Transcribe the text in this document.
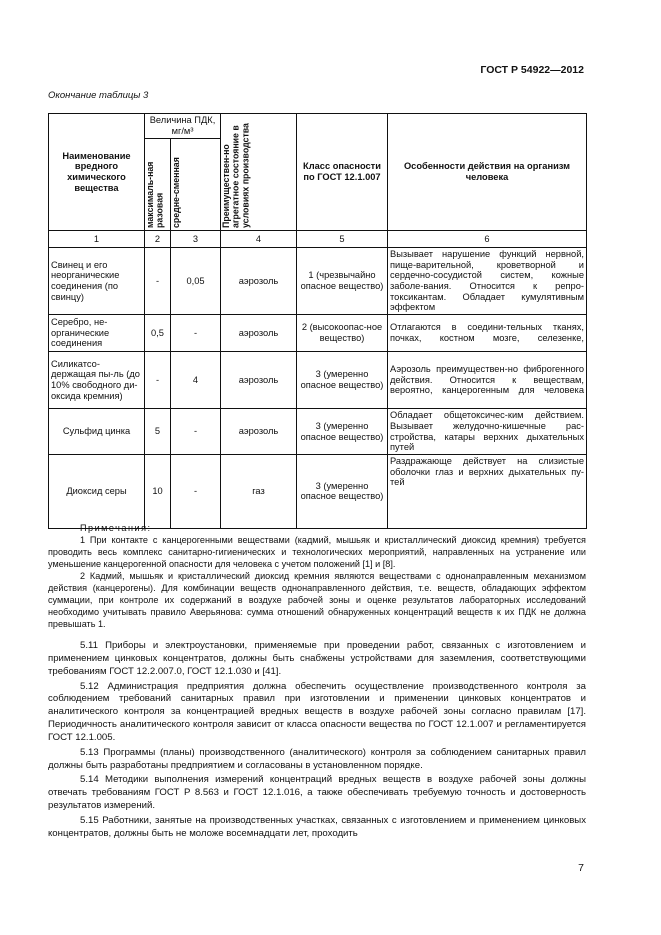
ГОСТ Р 54922—2012
Окончание таблицы 3
Наименование вредного химического вещества	Величина ПДК, мг/м³		Преимуществен-но агрегатное состояние в условиях производства	Класс опасности по ГОСТ 12.1.007	Особенности действия на организм человека

	максималь-ная разовая	средне-сменная			

1	2	3	4	5	6
Свинец и его неорганические соединения (по свинцу)	-	0,05	аэрозоль	1 (чрезвычайно опасное вещество)	Вызывает нарушение функций нервной, пище-варительной, кроветворной и сердечно-сосудистой систем, кожные заболе-вания. Относится к репро-токсикантам. Обладает кумулятивным эффектом
Серебро, не-органические соединения	0,5	-	аэрозоль	2 (высокоопас-ное вещество)	Отлагаются в соедини-тельных тканях, почках, костном мозге, селезенке,
Силикатсо-держащая пы-ль (до 10% свободного ди-оксида кремния)	-	4	аэрозоль	3 (умеренно опасное вещество)	Аэрозоль преимуществен-но фиброгенного действия. Относится к веществам, вероятно, канцерогенным для человека
Сульфид цинка	5	-	аэрозоль	3 (умеренно опасное вещество)	Обладает общетоксичес-ким действием. Вызывает желудочно-кишечные рас-стройства, катары верхних дыхательных путей
Диоксид серы	10	-	газ	3 (умеренно опасное вещество)	Раздражающе действует на слизистые оболочки глаз и верхних дыхательных пу-тей
Примечания:

1 При контакте с канцерогенными веществами (кадмий, мышьяк и кристаллический диоксид кремния) требуется проводить весь комплекс санитарно-гигиенических и технологических мероприятий, направленных на устранение или уменьшение канцерогенной опасности для человека с учетом положений [1] и [8].

2 Кадмий, мышьяк и кристаллический диоксид кремния являются веществами с однонаправленным механизмом действия (канцерогены). Для комбинации веществ однонаправленного действия, т.е. веществ, обладающих эффектом суммации, при контроле их содержаний в воздухе рабочей зоны и оценке результатов лабораторных исследований необходимо учитывать правило Аверьянова: сумма отношений обнаруженных концентраций веществ к их ПДК не должна превышать 1.

5.11 Приборы и электроустановки, применяемые при проведении работ, связанных с изготовлением и применением цинковых концентратов, должны быть снабжены устройствами для заземления, соответствующими требованиям ГОСТ 12.2.007.0, ГОСТ 12.1.030 и [41].

5.12 Администрация предприятия должна обеспечить осуществление производственного контроля за соблюдением требований санитарных правил при изготовлении и применении цинковых концентратов и аналитического контроля за концентрацией вредных веществ в воздухе рабочей зоны согласно правилам [17]. Периодичность аналитического контроля зависит от класса опасности вещества по ГОСТ 12.1.007 и регламентируется ГОСТ 12.1.005.

5.13 Программы (планы) производственного (аналитического) контроля за соблюдением санитарных правил должны быть разработаны предприятием и согласованы в установленном порядке.

5.14 Методики выполнения измерений концентраций вредных веществ в воздухе рабочей зоны должны отвечать требованиям ГОСТ Р 8.563 и ГОСТ 12.1.016, а также обеспечивать требуемую точность и достоверность результатов измерений.

5.15 Работники, занятые на производственных участках, связанных с изготовлением и применением цинковых концентратов, должны быть не моложе восемнадцати лет, проходить

7
